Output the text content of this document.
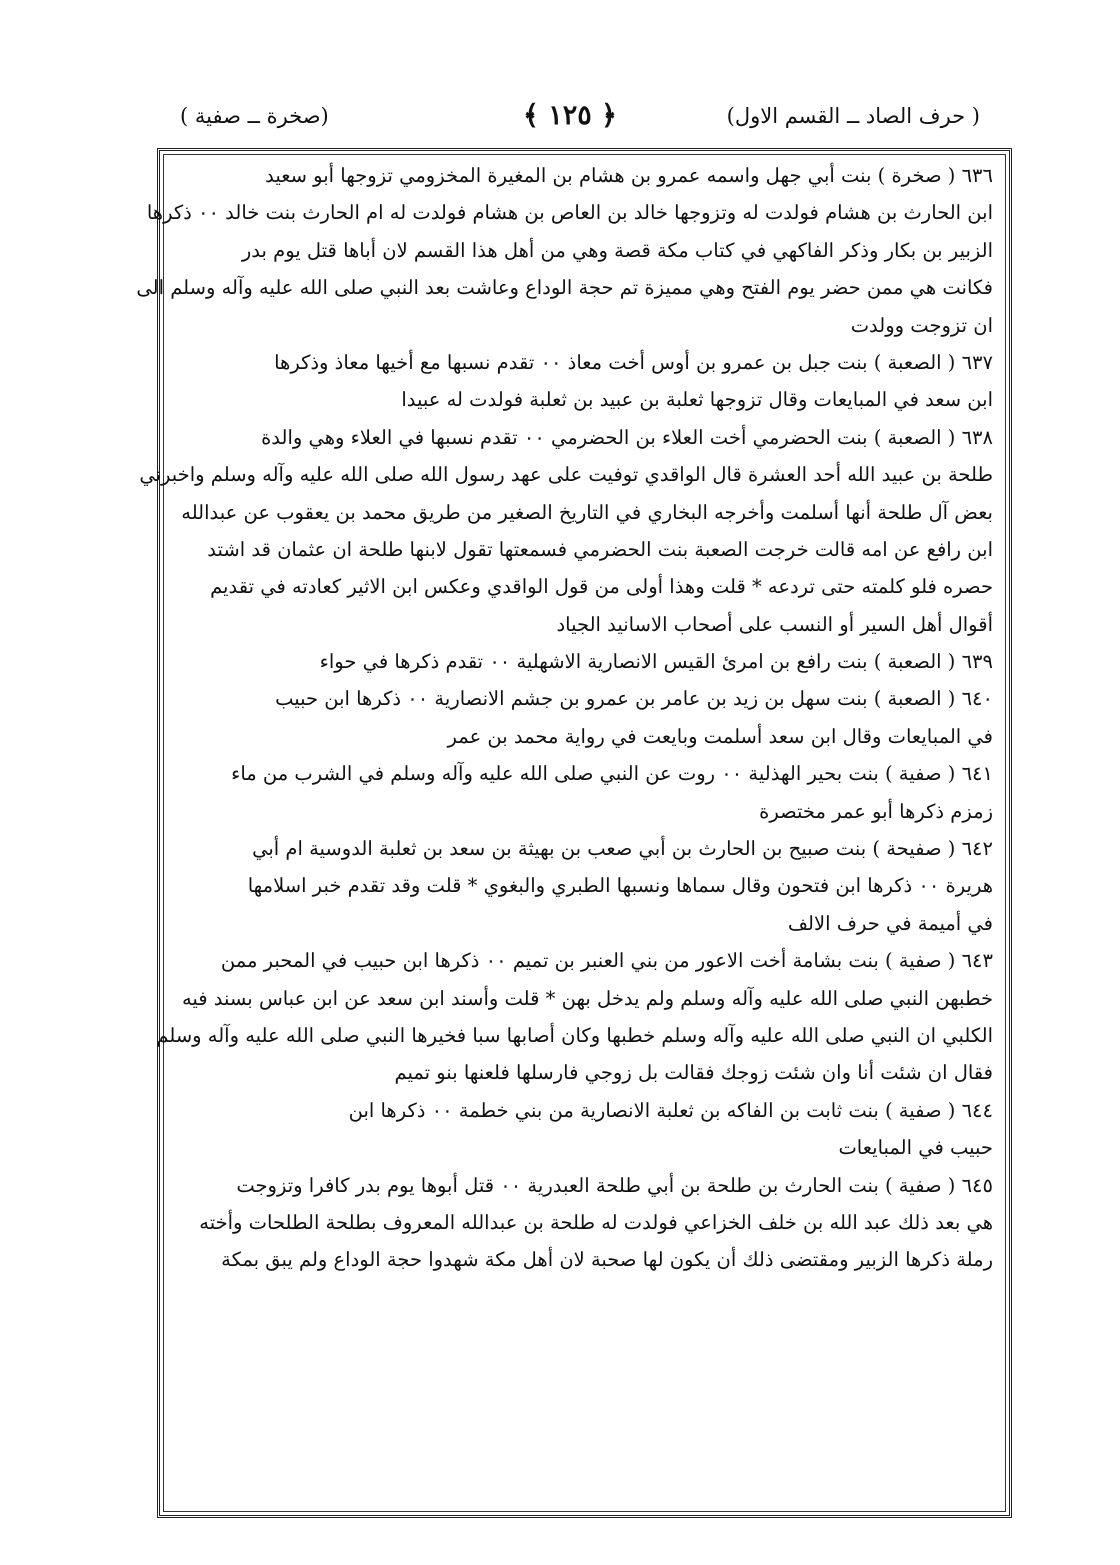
( حرف الصاد ــ القسم الاول)
﴿ ١٢٥ ﴾
(صخرة ــ صفية )
٦٣٦ ( صخرة ) بنت أبي جهل واسمه عمرو بن هشام بن المغيرة المخزومي تزوجها أبو سعيد
ابن الحارث بن هشام فولدت له وتزوجها خالد بن العاص بن هشام فولدت له ام الحارث بنت خالد ٠٠ ذكرها
الزبير بن بكار وذكر الفاكهي في كتاب مكة قصة وهي من أهل هذا القسم لان أباها قتل يوم بدر
فكانت هي ممن حضر يوم الفتح وهي مميزة تم حجة الوداع وعاشت بعد النبي صلى الله عليه وآله وسلم الى
ان تزوجت وولدت
٦٣٧ ( الصعبة ) بنت جبل بن عمرو بن أوس أخت معاذ ٠٠ تقدم نسبها مع أخيها معاذ وذكرها
ابن سعد في المبايعات وقال تزوجها ثعلبة بن عبيد بن ثعلبة فولدت له عبيدا
٦٣٨ ( الصعبة ) بنت الحضرمي أخت العلاء بن الحضرمي ٠٠ تقدم نسبها في العلاء وهي والدة
طلحة بن عبيد الله أحد العشرة قال الواقدي توفيت على عهد رسول الله صلى الله عليه وآله وسلم واخبرني
بعض آل طلحة أنها أسلمت وأخرجه البخاري في التاريخ الصغير من طريق محمد بن يعقوب عن عبدالله
ابن رافع عن امه قالت خرجت الصعبة بنت الحضرمي فسمعتها تقول لابنها طلحة ان عثمان قد اشتد
حصره فلو كلمته حتى تردعه * قلت وهذا أولى من قول الواقدي وعكس ابن الاثير كعادته في تقديم
أقوال أهل السير أو النسب على أصحاب الاسانيد الجياد
٦٣٩ ( الصعبة ) بنت رافع بن امرئ القيس الانصارية الاشهلية ٠٠ تقدم ذكرها في حواء
٦٤٠ ( الصعبة ) بنت سهل بن زيد بن عامر بن عمرو بن جشم الانصارية ٠٠ ذكرها ابن حبيب
في المبايعات وقال ابن سعد أسلمت وبايعت في رواية محمد بن عمر
٦٤١ ( صفية ) بنت بحير الهذلية ٠٠ روت عن النبي صلى الله عليه وآله وسلم في الشرب من ماء
زمزم ذكرها أبو عمر مختصرة
٦٤٢ ( صفيحة ) بنت صبيح بن الحارث بن أبي صعب بن بهيثة بن سعد بن ثعلبة الدوسية ام أبي
هريرة ٠٠ ذكرها ابن فتحون وقال سماها ونسبها الطبري والبغوي * قلت وقد تقدم خبر اسلامها
في أميمة في حرف الالف
٦٤٣ ( صفية ) بنت بشامة أخت الاعور من بني العنبر بن تميم ٠٠ ذكرها ابن حبيب في المحبر ممن
خطبهن النبي صلى الله عليه وآله وسلم ولم يدخل بهن * قلت وأسند ابن سعد عن ابن عباس بسند فيه
الكلبي ان النبي صلى الله عليه وآله وسلم خطبها وكان أصابها سبا فخيرها النبي صلى الله عليه وآله وسلم
فقال ان شئت أنا وان شئت زوجك فقالت بل زوجي فارسلها فلعنها بنو تميم
٦٤٤ ( صفية ) بنت ثابت بن الفاكه بن ثعلبة الانصارية من بني خطمة ٠٠ ذكرها ابن
حبيب في المبايعات
٦٤٥ ( صفية ) بنت الحارث بن طلحة بن أبي طلحة العبدرية ٠٠ قتل أبوها يوم بدر كافرا وتزوجت
هي بعد ذلك عبد الله بن خلف الخزاعي فولدت له طلحة بن عبدالله المعروف بطلحة الطلحات وأخته
رملة ذكرها الزبير ومقتضى ذلك أن يكون لها صحبة لان أهل مكة شهدوا حجة الوداع ولم يبق بمكة
